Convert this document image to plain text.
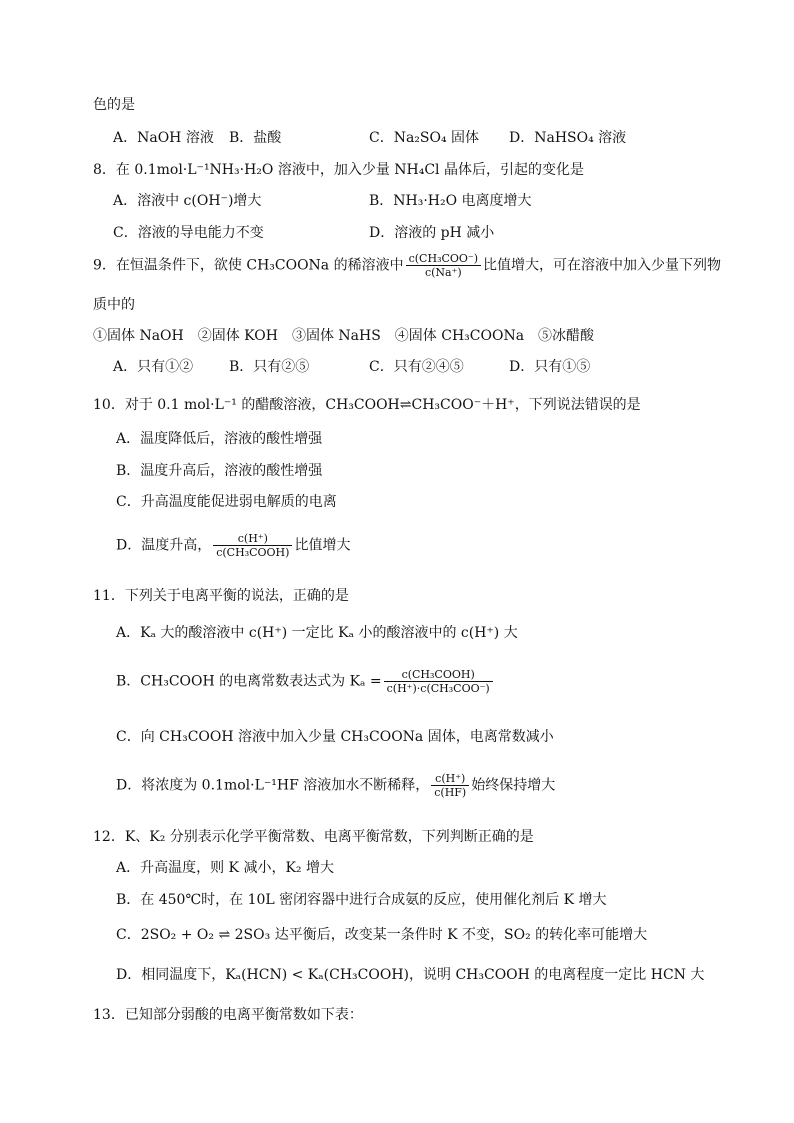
色的是
A．NaOH 溶液 B．盐酸	C．Na₂SO₄ 固体 D．NaHSO₄ 溶液
8．在 0.1mol·L⁻¹NH₃·H₂O 溶液中，加入少量 NH₄Cl 晶体后，引起的变化是
A．溶液中 c(OH⁻)增大	B．NH₃·H₂O 电离度增大
C．溶液的导电能力不变	D．溶液的 pH 减小
9．在恒温条件下，欲使 CH₃COONa 的稀溶液中 $\frac{\text{c(CH₃COO⁻)}}{c(Na^+)}$ 比值增大，可在溶液中加入少量下列物
质中的
①固体 NaOH　②固体 KOH　③固体 NaHS　④固体 CH₃COONa　⑤冰醋酸
A．只有①②	B．只有②⑤	C．只有②④⑤	D．只有①⑤
10．对于 0.1 mol·L⁻¹ 的醋酸溶液，CH₃COOH⇌CH₃COO⁻＋H⁺，下列说法错误的是
A．温度降低后，溶液的酸性增强
B．温度升高后，溶液的酸性增强
C．升高温度能促进弱电解质的电离
D．温度升高， $\frac{c(H^+)}{\text{c(CH₃COOH)}}$ 比值增大
11．下列关于电离平衡的说法，正确的是
A．Kₐ 大的酸溶液中 c(H⁺) 一定比 Kₐ 小的酸溶液中的 c(H⁺) 大
B．CH₃COOH 的电离常数表达式为 $K_a = \frac{\text{c(CH₃COOH)}}{\text{c(H⁺)·c(CH₃COO⁻)}}$
C．向 CH₃COOH 溶液中加入少量 CH₃COONa 固体，电离常数减小
D．将浓度为 0.1mol·L⁻¹HF 溶液加水不断稀释， $\frac{c(H^+)}{c(HF)}$ 始终保持增大
12．K、K₂ 分别表示化学平衡常数、电离平衡常数，下列判断正确的是
A．升高温度，则 K 减小，K₂ 增大
B．在 450℃时，在 10L 密闭容器中进行合成氨的反应，使用催化剂后 K 增大
C．2SO₂ + O₂ ⇌ 2SO₃ 达平衡后，改变某一条件时 K 不变，SO₂ 的转化率可能增大
D．相同温度下，Kₐ(HCN) < Kₐ(CH₃COOH)，说明 CH₃COOH 的电离程度一定比 HCN 大
13．已知部分弱酸的电离平衡常数如下表：
